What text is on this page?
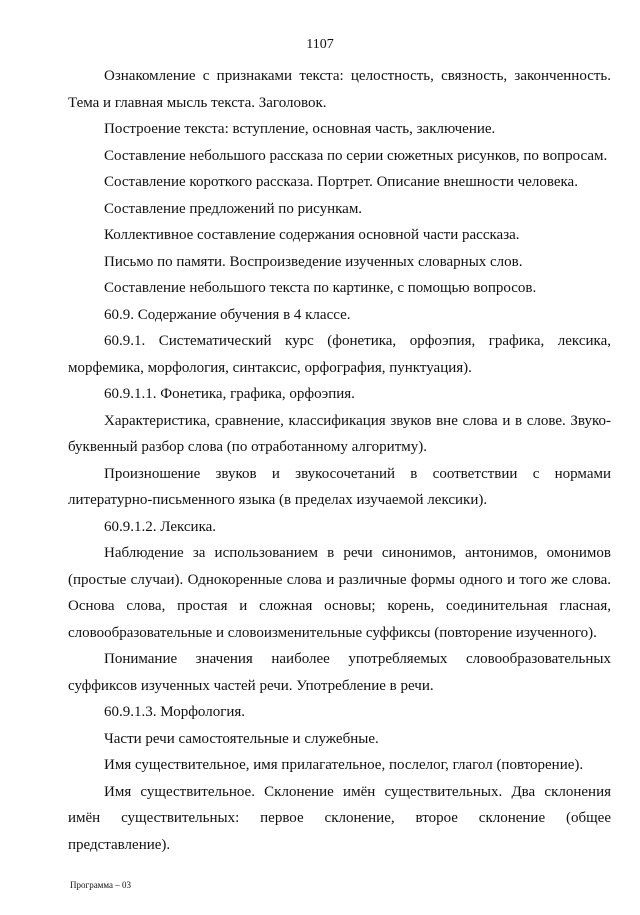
1107

Ознакомление с признаками текста: целостность, связность, законченность. Тема и главная мысль текста. Заголовок.

Построение текста: вступление, основная часть, заключение.

Составление небольшого рассказа по серии сюжетных рисунков, по вопросам.

Составление короткого рассказа. Портрет. Описание внешности человека.

Составление предложений по рисункам.

Коллективное составление содержания основной части рассказа.

Письмо по памяти. Воспроизведение изученных словарных слов.

Составление небольшого текста по картинке, с помощью вопросов.

60.9. Содержание обучения в 4 классе.

60.9.1. Систематический курс (фонетика, орфоэпия, графика, лексика, морфемика, морфология, синтаксис, орфография, пунктуация).

60.9.1.1. Фонетика, графика, орфоэпия.

Характеристика, сравнение, классификация звуков вне слова и в слове. Звуко-буквенный разбор слова (по отработанному алгоритму).

Произношение звуков и звукосочетаний в соответствии с нормами литературно-письменного языка (в пределах изучаемой лексики).

60.9.1.2. Лексика.

Наблюдение за использованием в речи синонимов, антонимов, омонимов (простые случаи). Однокоренные слова и различные формы одного и того же слова. Основа слова, простая и сложная основы; корень, соединительная гласная, словообразовательные и словоизменительные суффиксы (повторение изученного).

Понимание значения наиболее употребляемых словообразовательных суффиксов изученных частей речи. Употребление в речи.

60.9.1.3. Морфология.

Части речи самостоятельные и служебные.

Имя существительное, имя прилагательное, послелог, глагол (повторение).

Имя существительное. Склонение имён существительных. Два склонения имён существительных: первое склонение, второе склонение (общее представление).

Программа – 03
